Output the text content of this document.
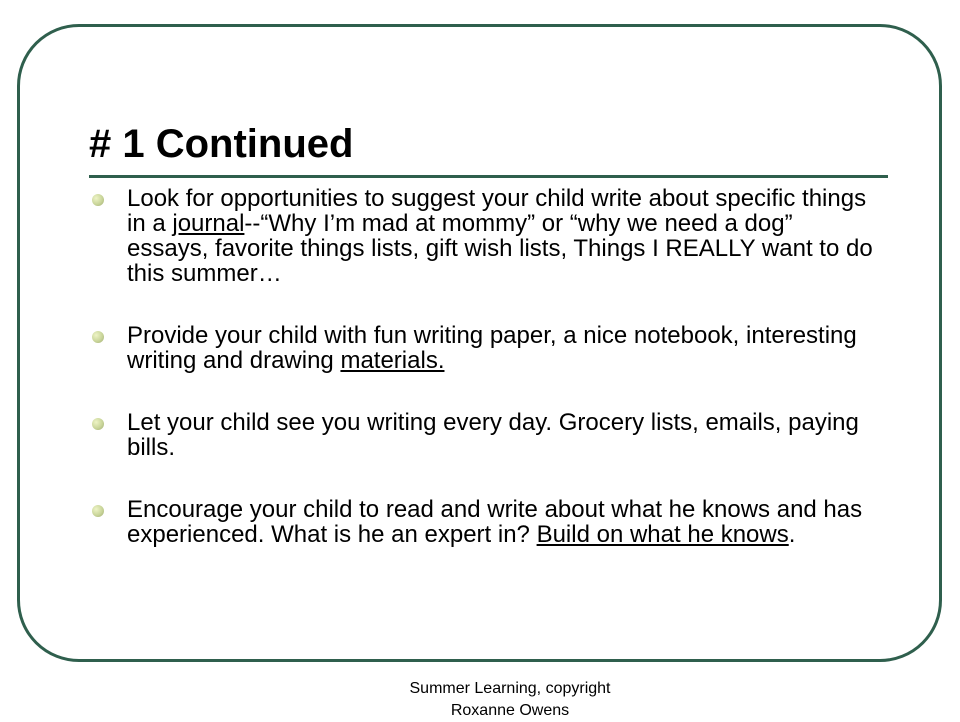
# 1 Continued
Look for opportunities to suggest your child write about specific things in a journal--“Why I’m mad at mommy” or “why we need a dog” essays, favorite things lists, gift wish lists, Things I REALLY want to do this summer…
Provide your child with fun writing paper, a nice notebook, interesting writing and drawing materials.
Let your child see you writing every day. Grocery lists, emails, paying bills.
Encourage your child to read and write about what he knows and has experienced. What is he an expert in? Build on what he knows.
Summer Learning, copyright
Roxanne Owens
